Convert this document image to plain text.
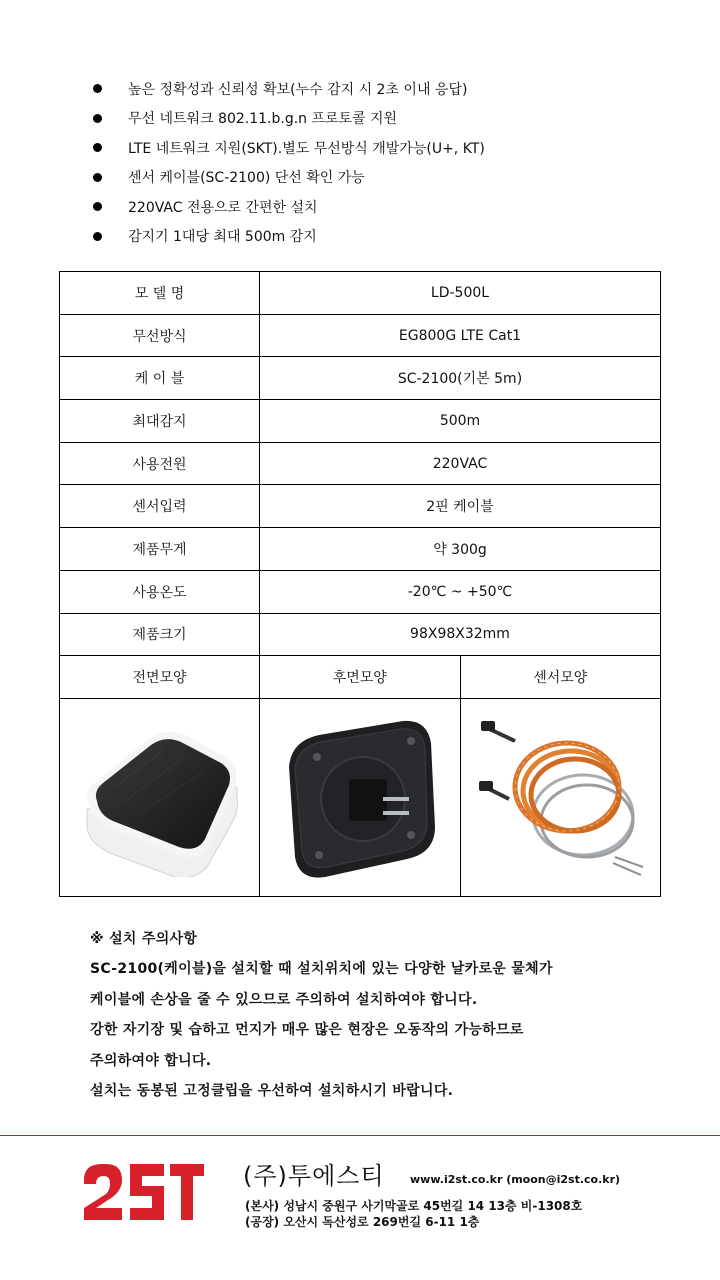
높은 정확성과 신뢰성 확보(누수 감지 시 2초 이내 응답)
무선 네트워크 802.11.b.g.n 프로토콜 지원
LTE 네트워크 지원(SKT).별도 무선방식 개발가능(U+, KT)
센서 케이블(SC-2100) 단선 확인 가능
220VAC 전용으로 간편한 설치
감지기 1대당 최대 500m 감지
모 델 명	LD-500L	
무선방식	EG800G LTE Cat1	
케 이 블	SC-2100(기본 5m)	
최대감지	500m	
사용전원	220VAC	
센서입력	2핀 케이블	
제품무게	약 300g	
사용온도	-20℃ ~ +50℃	
제품크기	98X98X32mm	
전면모양	후면모양	센서모양

※ 설치 주의사항
SC-2100(케이블)을 설치할 때 설치위치에 있는 다양한 날카로운 물체가
케이블에 손상을 줄 수 있으므로 주의하여 설치하여야 합니다.
강한 자기장 및 습하고 먼지가 매우 많은 현장은 오동작의 가능하므로
주의하여야 합니다.
설치는 동봉된 고정클립을 우선하여 설치하시기 바랍니다.
(주)투에스티 www.i2st.co.kr (moon@i2st.co.kr)
(본사) 성남시 중원구 사기막골로 45번길 14 13층 비-1308호
(공장) 오산시 독산성로 269번길 6-11 1층
